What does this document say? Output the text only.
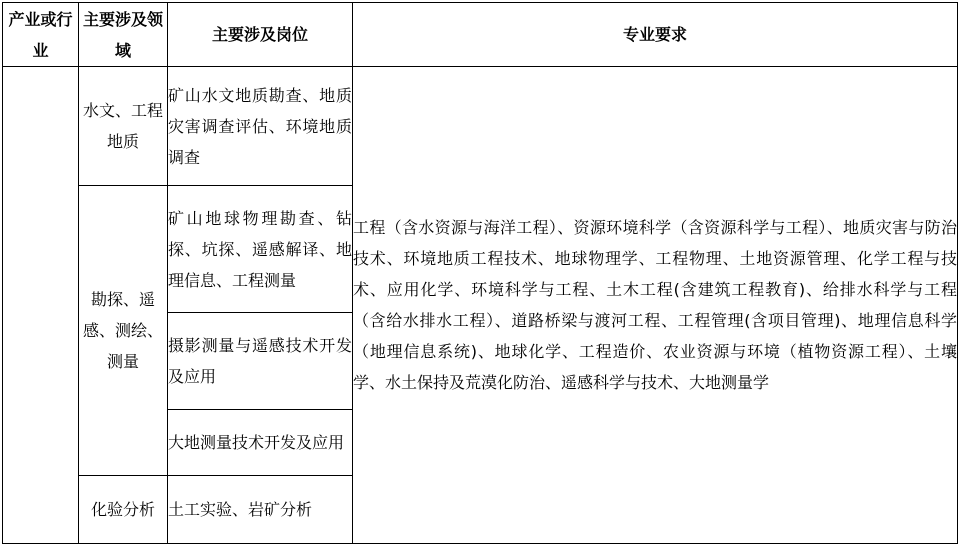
产业或行业	主要涉及领域	主要涉及岗位	专业要求
	水文、工程地质	矿山水文地质勘查、地质灾害调查评估、环境地质调查	工程（含水资源与海洋工程）、资源环境科学（含资源科学与工程）、地质灾害与防治技术、环境地质工程技术、地球物理学、工程物理、土地资源管理、化学工程与技术、应用化学、环境科学与工程、土木工程(含建筑工程教育)、给排水科学与工程（含给水排水工程）、道路桥梁与渡河工程、工程管理(含项目管理)、地理信息科学（地理信息系统)、地球化学、工程造价、农业资源与环境（植物资源工程）、土壤学、水土保持及荒漠化防治、遥感科学与技术、大地测量学
	勘探、遥感、测绘、测量	矿山地球物理勘查、钻探、坑探、遥感解译、地理信息、工程测量	
		摄影测量与遥感技术开发及应用	
		大地测量技术开发及应用	
	化验分析	土工实验、岩矿分析	
